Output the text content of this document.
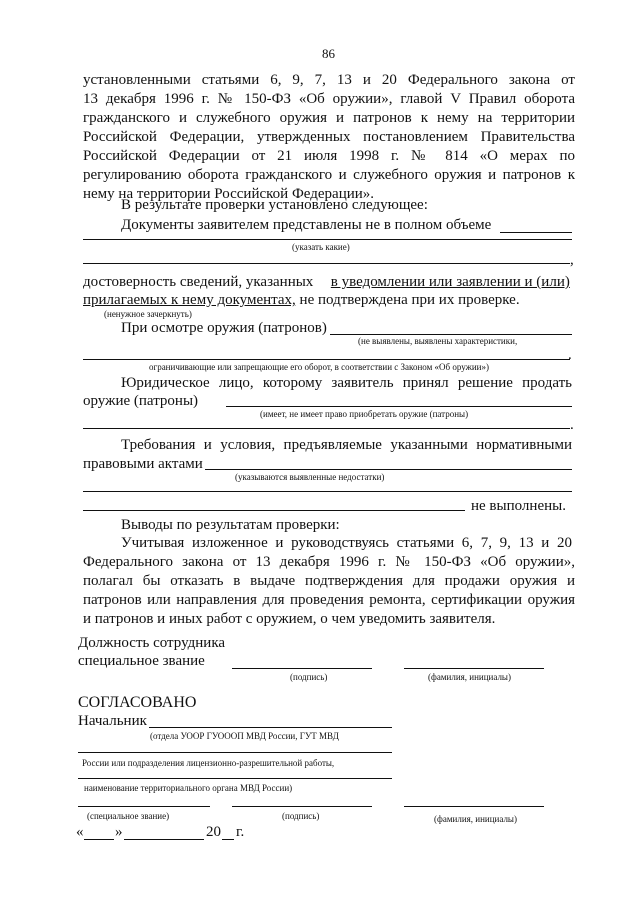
86
установленными статьями 6, 9, 7, 13 и 20 Федерального закона от
13 декабря 1996 г. № 150-ФЗ «Об оружии», главой V Правил оборота
гражданского и служебного оружия и патронов к нему на территории
Российской Федерации, утвержденных постановлением Правительства
Российской Федерации от 21 июля 1998 г. № 814 «О мерах по
регулированию оборота гражданского и служебного оружия и патронов к
нему на территории Российской Федерации».
В результате проверки установлено следующее:
Документы заявителем представлены не в полном объеме
(указать какие)
,
достоверность сведений, указанных в уведомлении или заявлении и (или)
прилагаемых к нему документах, не подтверждена при их проверке.
(ненужное зачеркнуть)
При осмотре оружия (патронов)
(не выявлены, выявлены характеристики,
.
ограничивающие или запрещающие его оборот, в соответствии с Законом «Об оружии»)
Юридическое лицо, которому заявитель принял решение продать
оружие (патроны)
(имеет, не имеет право приобретать оружие (патроны)
.
Требования и условия, предъявляемые указанными нормативными
правовыми актами
(указываются выявленные недостатки)
не выполнены.
Выводы по результатам проверки:
Учитывая изложенное и руководствуясь статьями 6, 7, 9, 13 и 20
Федерального закона от 13 декабря 1996 г. № 150-ФЗ «Об оружии»,
полагал бы отказать в выдаче подтверждения для продажи оружия и
патронов или направления для проведения ремонта, сертификации оружия
и патронов и иных работ с оружием, о чем уведомить заявителя.
Должность сотрудника
специальное звание
(подпись)	(фамилия, инициалы)
СОГЛАСОВАНО
Начальник
(отдела УООР ГУОООП МВД России, ГУТ МВД
России или подразделения лицензионно-разрешительной работы,
наименование территориального органа МВД России)
(специальное звание)	(подпись)	(фамилия, инициалы)
« »	20 г.
